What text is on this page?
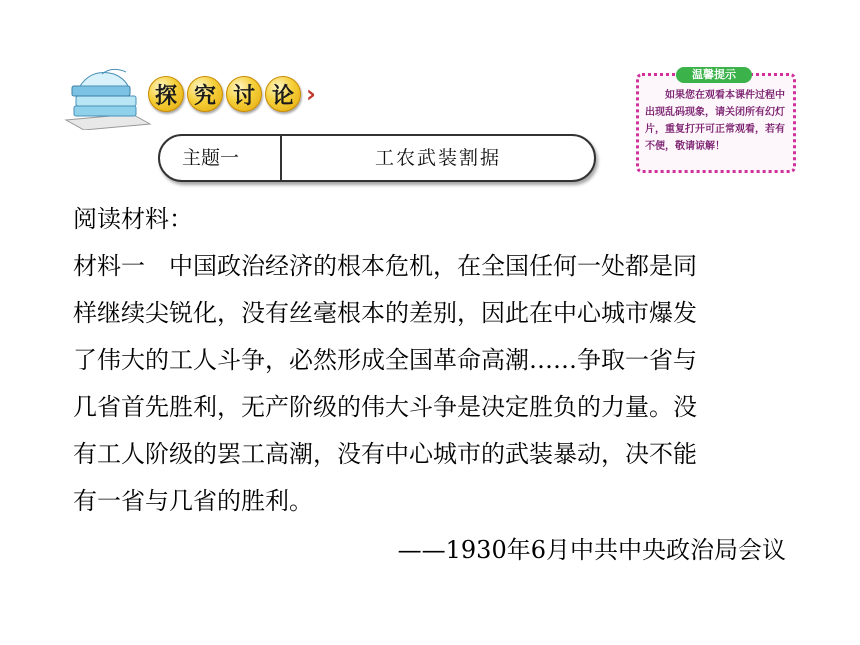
探 究 讨 论 ›
主题一	工农武装割据
温馨提示
如果您在观看本课件过程中出现乱码现象，请关闭所有幻灯片，重复打开可正常观看，若有不便，敬请谅解！

阅读材料：

材料一 中国政治经济的根本危机，在全国任何一处都是同

样继续尖锐化，没有丝毫根本的差别，因此在中心城市爆发

了伟大的工人斗争，必然形成全国革命高潮……争取一省与

几省首先胜利，无产阶级的伟大斗争是决定胜负的力量。没

有工人阶级的罢工高潮，没有中心城市的武装暴动，决不能

有一省与几省的胜利。

——1930年6月中共中央政治局会议
